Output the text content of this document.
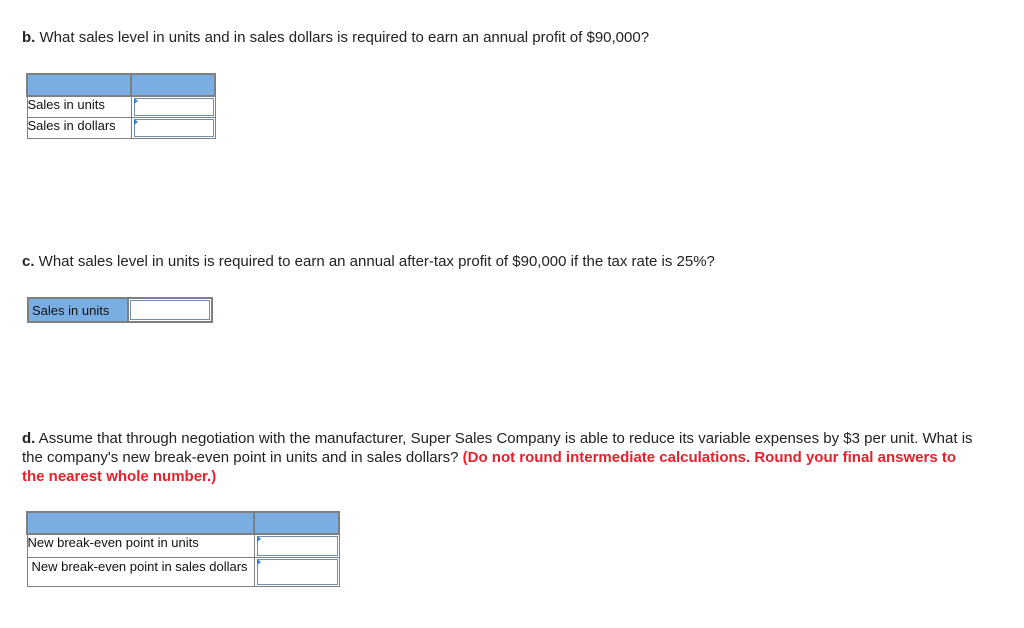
b. What sales level in units and in sales dollars is required to earn an annual profit of $90,000?

Sales in units	

Sales in dollars	
c. What sales level in units is required to earn an annual after-tax profit of $90,000 if the tax rate is 25%?
Sales in units
d. Assume that through negotiation with the manufacturer, Super Sales Company is able to reduce its variable expenses by $3 per unit. What is the company's new break-even point in units and in sales dollars? (Do not round intermediate calculations. Round your final answers to the nearest whole number.)

New break-even point in units	

New break-even point in sales dollars	
